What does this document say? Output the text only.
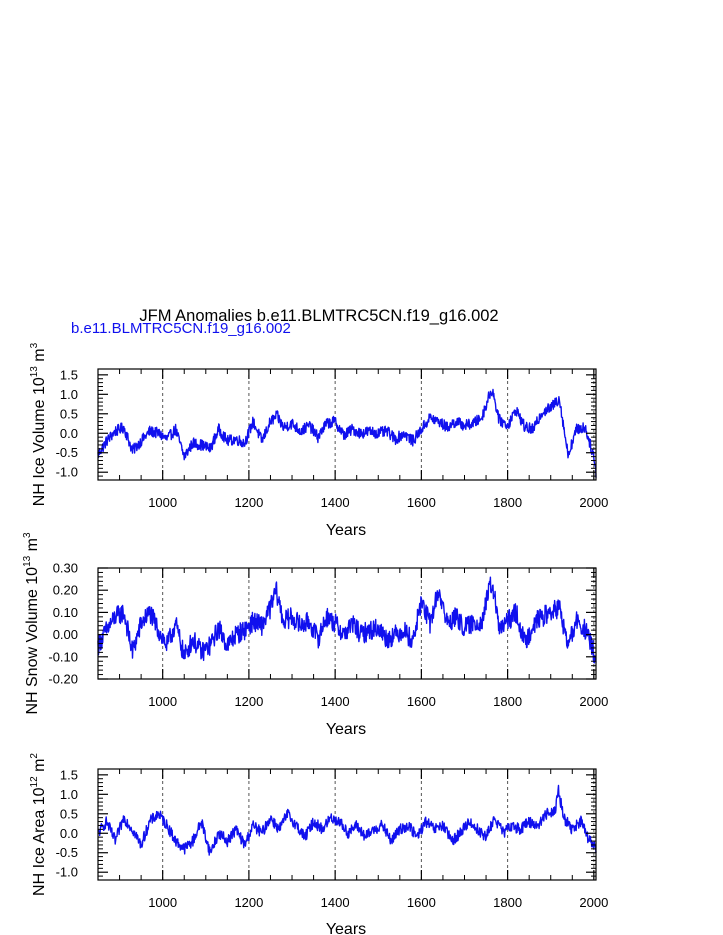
JFM Anomalies b.e11.BLMTRC5CN.f19_g16.002
b.e11.BLMTRC5CN.f19_g16.002
1000	1200	1400	1600	1800	2000
-1.0
-0.5
0.0
0.5
1.0
1.5
Years
NH Ice Volume $10^{13}$ $m^3$
1000	1200	1400	1600	1800	2000
-0.20
-0.10
0.00
0.10
0.20
0.30
Years
NH Snow Volume $10^{13}$ $m^3$
1000	1200	1400	1600	1800	2000
-1.0
-0.5
0.0
0.5
1.0
1.5
Years
NH Ice Area $10^{12}$ $m^2$
